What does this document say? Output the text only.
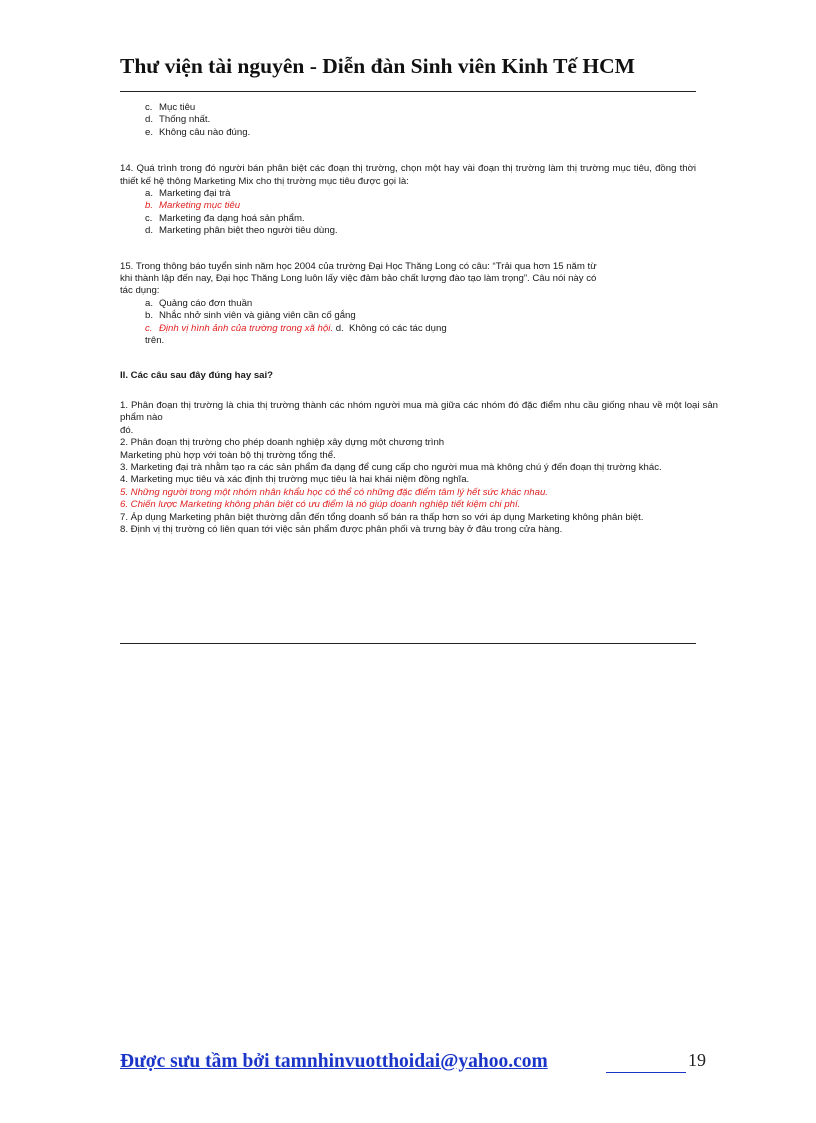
Thư viện tài nguyên - Diễn đàn Sinh viên Kinh Tế HCM
c. Mục tiêu
d. Thống nhất.
e. Không câu nào đúng.
14. Quá trình trong đó người bán phân biệt các đoạn thị trường, chọn một hay vài đoạn thị trường làm thị trường mục tiêu, đồng thời thiết kế hệ thông Marketing Mix cho thị trường mục tiêu được gọi là:
a. Marketing đại trà
b. Marketing mục tiêu
c. Marketing đa dạng hoá sản phẩm.
d. Marketing phân biệt theo người tiêu dùng.
15. Trong thông báo tuyển sinh năm học 2004 của trường Đại Học Thăng Long có câu: “Trải qua hơn 15 năm từ
khi thành lập đến nay, Đại học Thăng Long luôn lấy việc đảm bảo chất lượng đào tạo làm trọng”. Câu nói này có
tác dụng:
a. Quảng cáo đơn thuần
b. Nhắc nhở sinh viên và giảng viên cần cố gắng
c. Định vị hình ảnh của trường trong xã hội. d. Không có các tác dụng
trên.
II. Các câu sau đây đúng hay sai?
1. Phân đoạn thị trường là chia thị trường thành các nhóm người mua mà giữa các nhóm đó đặc điểm nhu cầu giống nhau về một loại sản phẩm nào
đó.
2. Phân đoạn thị trường cho phép doanh nghiệp xây dựng một chương trình
Marketing phù hợp với toàn bộ thị trường tổng thể.
3. Marketing đại trà nhằm tạo ra các sản phẩm đa dạng để cung cấp cho người mua mà không chú ý đến đoạn thị trường khác.
4. Marketing mục tiêu và xác định thị trường mục tiêu là hai khái niệm đồng nghĩa.
5. Những người trong một nhóm nhân khẩu học có thể có những đặc điểm tâm lý hết sức khác nhau.
6. Chiến lược Marketing không phân biệt có ưu điểm là nó giúp doanh nghiệp tiết kiệm chi phí.
7. Áp dụng Marketing phân biệt thường dẫn đến tổng doanh số bán ra thấp hơn so với áp dụng Marketing không phân biệt.
8. Định vị thị trường có liên quan tới việc sản phẩm được phân phối và trưng bày ở đâu trong cửa hàng.
Được sưu tầm bởi tamnhinvuotthoidai@yahoo.com	19
